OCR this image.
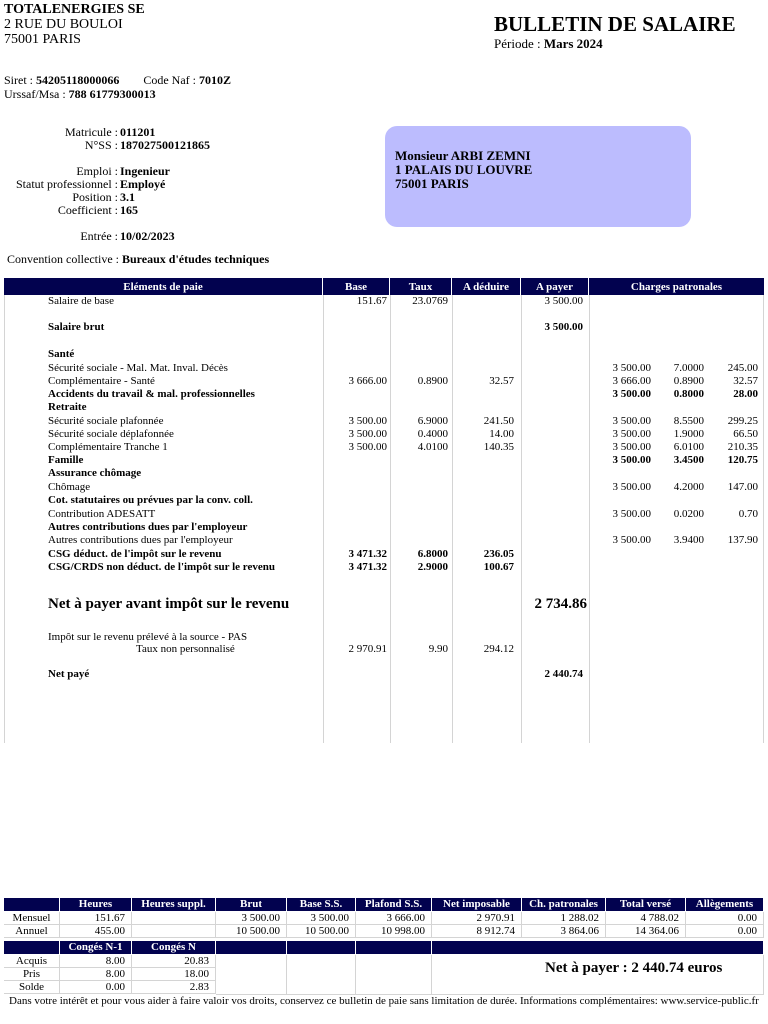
TOTALENERGIES SE
2 RUE DU BOULOI
75001 PARIS
BULLETIN DE SALAIRE
Période : Mars 2024
Siret : 54205118000066 Code Naf : 7010Z
Urssaf/Msa : 788 61779300013
Matricule : 011201
N°SS : 187027500121865
Emploi : Ingenieur
Statut professionnel : Employé
Position : 3.1
Coefficient : 165
Entrée : 10/02/2023
Monsieur ARBI ZEMNI
1 PALAIS DU LOUVRE
75001 PARIS
Convention collective : Bureaux d'études techniques
Eléments de paie	Base	Taux	A déduire	A payer	Charges patronales
Salaire de base	151.67 23.0769	3 500.00
Salaire brut	3 500.00
Santé
Sécurité sociale - Mal. Mat. Inval. Décès	3 500.00 7.0000 245.00
Complémentaire - Santé	3 666.00	0.8900	32.57	3 666.00 0.8900	32.57
Accidents du travail & mal. professionnelles	3 500.00 0.8000	28.00
Retraite
Sécurité sociale plafonnée	3 500.00	6.9000	241.50	3 500.00 8.5500 299.25
Sécurité sociale déplafonnée	3 500.00	0.4000	14.00	3 500.00 1.9000	66.50
Complémentaire Tranche 1	3 500.00	4.0100	140.35	3 500.00 6.0100 210.35
Famille	3 500.00 3.4500 120.75
Assurance chômage
Chômage	3 500.00 4.2000 147.00
Cot. statutaires ou prévues par la conv. coll.
Contribution ADESATT	3 500.00 0.0200	0.70
Autres contributions dues par l'employeur
Autres contributions dues par l'employeur	3 500.00 3.9400 137.90
CSG déduct. de l'impôt sur le revenu	3 471.32	6.8000	236.05
CSG/CRDS non déduct. de l'impôt sur le revenu	3 471.32	2.9000	100.67
Net à payer avant impôt sur le revenu	2 734.86
Impôt sur le revenu prélevé à la source - PAS
Taux non personnalisé	2 970.91	9.90	294.12
Net payé	2 440.74
Heures	Heures suppl.	Brut	Base S.S.	Plafond S.S.	Net imposable	Ch. patronales	Total versé	Allègements
Mensuel	151.67	3 500.00	3 500.00	3 666.00	2 970.91	1 288.02	4 788.02	0.00
Annuel	455.00	10 500.00	10 500.00	10 998.00	8 912.74	3 864.06	14 364.06	0.00
Congés N-1	Congés N
Acquis	8.00	20.83
Pris	8.00	18.00
Solde	0.00	2.83
Net à payer : 2 440.74 euros
Dans votre intérêt et pour vous aider à faire valoir vos droits, conservez ce bulletin de paie sans limitation de durée. Informations complémentaires: www.service-public.fr
